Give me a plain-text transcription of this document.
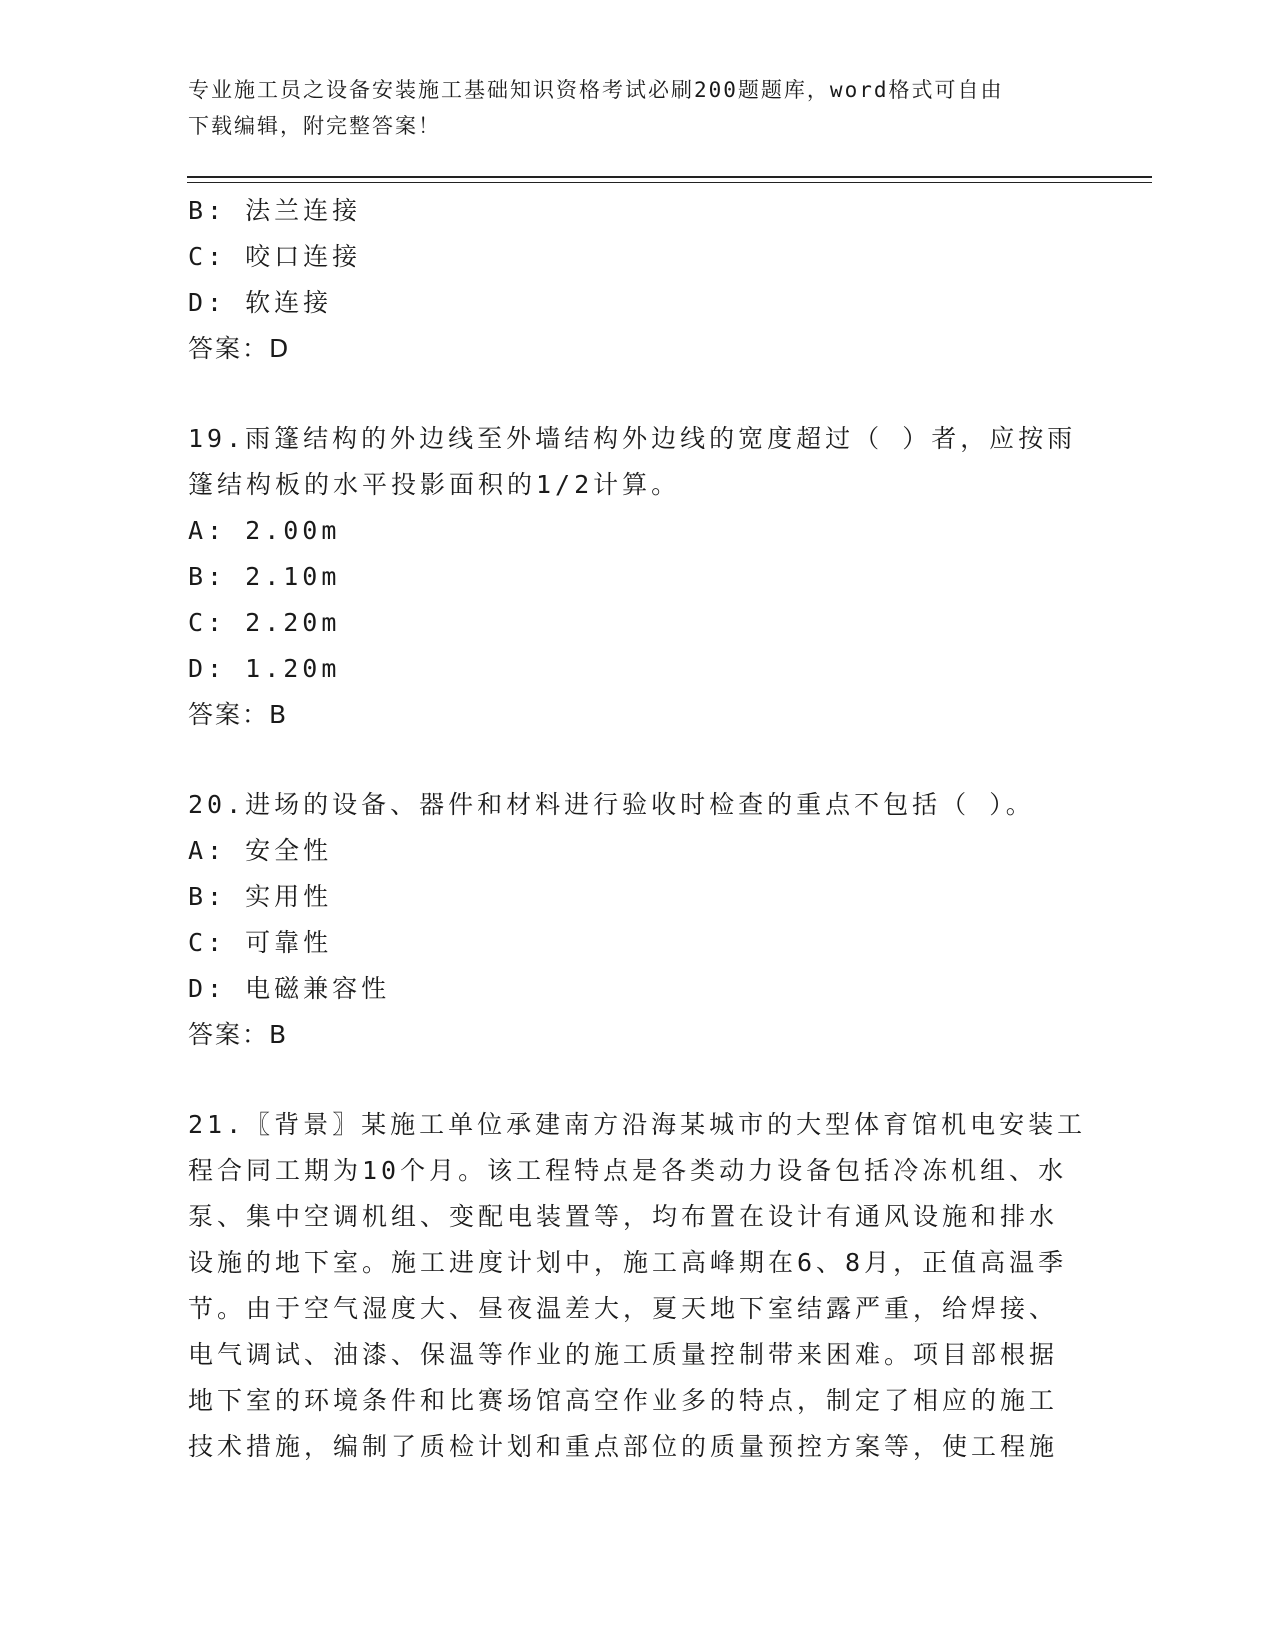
专业施工员之设备安装施工基础知识资格考试必刷200题题库，word格式可自由
下载编辑，附完整答案！
B: 法兰连接
C: 咬口连接
D: 软连接
答案：D
19.雨篷结构的外边线至外墙结构外边线的宽度超过（ ）者，应按雨
篷结构板的水平投影面积的1/2计算。
A: 2.00m
B: 2.10m
C: 2.20m
D: 1.20m
答案：B
20.进场的设备、器件和材料进行验收时检查的重点不包括（ ）。
A: 安全性
B: 实用性
C: 可靠性
D: 电磁兼容性
答案：B
21.〖背景〗某施工单位承建南方沿海某城市的大型体育馆机电安装工
程合同工期为10个月。该工程特点是各类动力设备包括冷冻机组、水
泵、集中空调机组、变配电装置等，均布置在设计有通风设施和排水
设施的地下室。施工进度计划中，施工高峰期在6、8月，正值高温季
节。由于空气湿度大、昼夜温差大，夏天地下室结露严重，给焊接、
电气调试、油漆、保温等作业的施工质量控制带来困难。项目部根据
地下室的环境条件和比赛场馆高空作业多的特点，制定了相应的施工
技术措施，编制了质检计划和重点部位的质量预控方案等，使工程施
